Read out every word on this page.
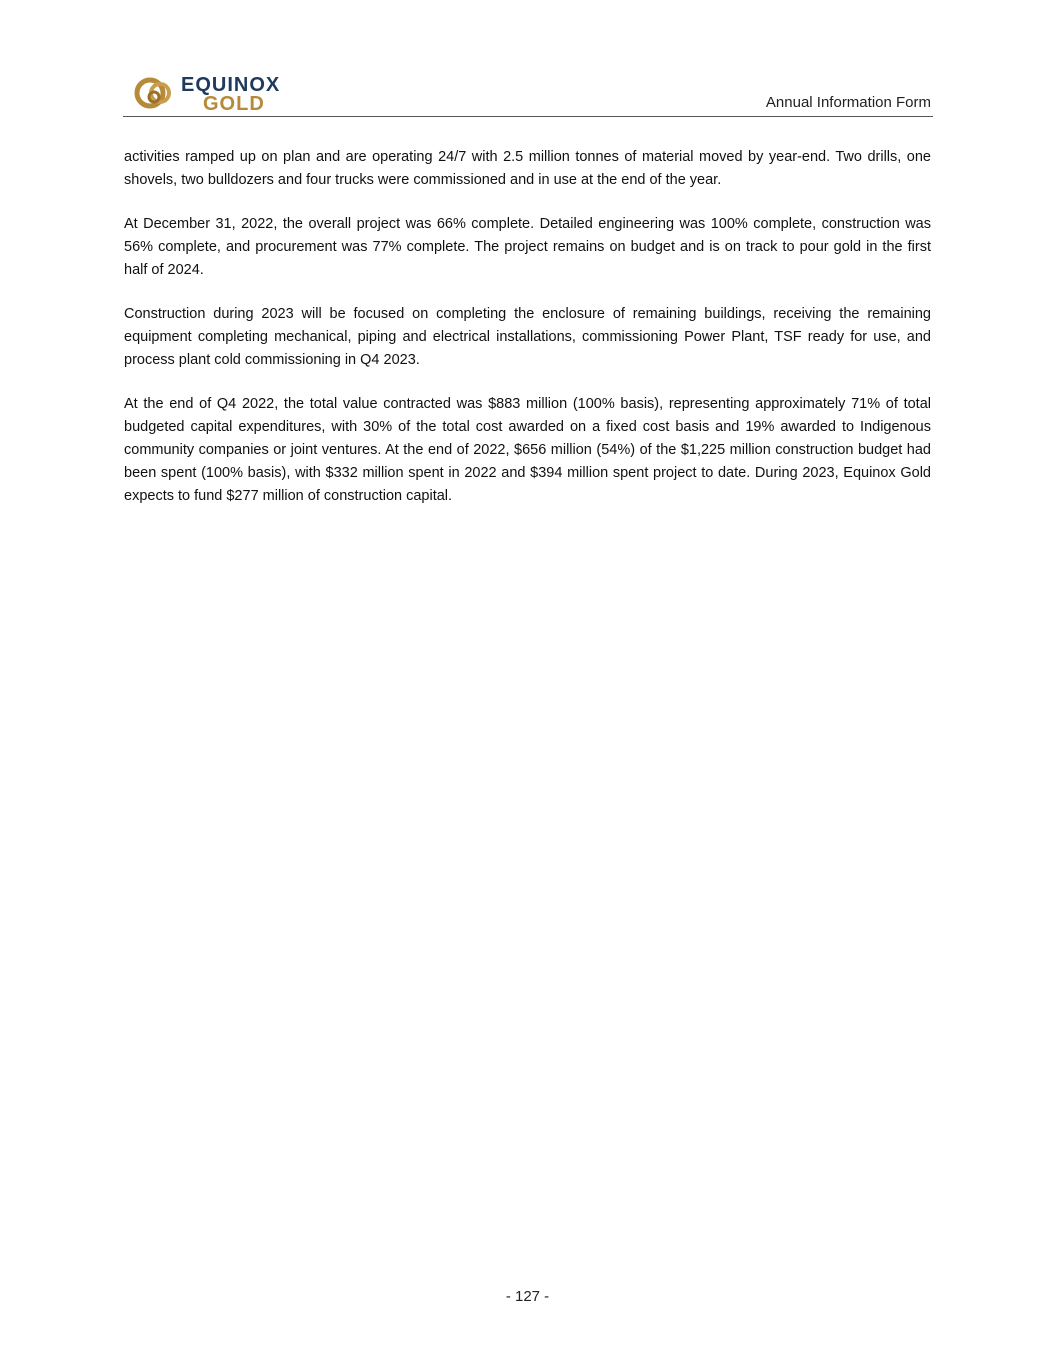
EQUINOX
GOLD	Annual Information Form

activities ramped up on plan and are operating 24/7 with 2.5 million tonnes of material moved by year-end. Two drills, one shovels, two bulldozers and four trucks were commissioned and in use at the end of the year.

At December 31, 2022, the overall project was 66% complete. Detailed engineering was 100% complete, construction was 56% complete, and procurement was 77% complete. The project remains on budget and is on track to pour gold in the first half of 2024.

Construction during 2023 will be focused on completing the enclosure of remaining buildings, receiving the remaining equipment completing mechanical, piping and electrical installations, commissioning Power Plant, TSF ready for use, and process plant cold commissioning in Q4 2023.

At the end of Q4 2022, the total value contracted was $883 million (100% basis), representing approximately 71% of total budgeted capital expenditures, with 30% of the total cost awarded on a fixed cost basis and 19% awarded to Indigenous community companies or joint ventures. At the end of 2022, $656 million (54%) of the $1,225 million construction budget had been spent (100% basis), with $332 million spent in 2022 and $394 million spent project to date. During 2023, Equinox Gold expects to fund $277 million of construction capital.

- 127 -
